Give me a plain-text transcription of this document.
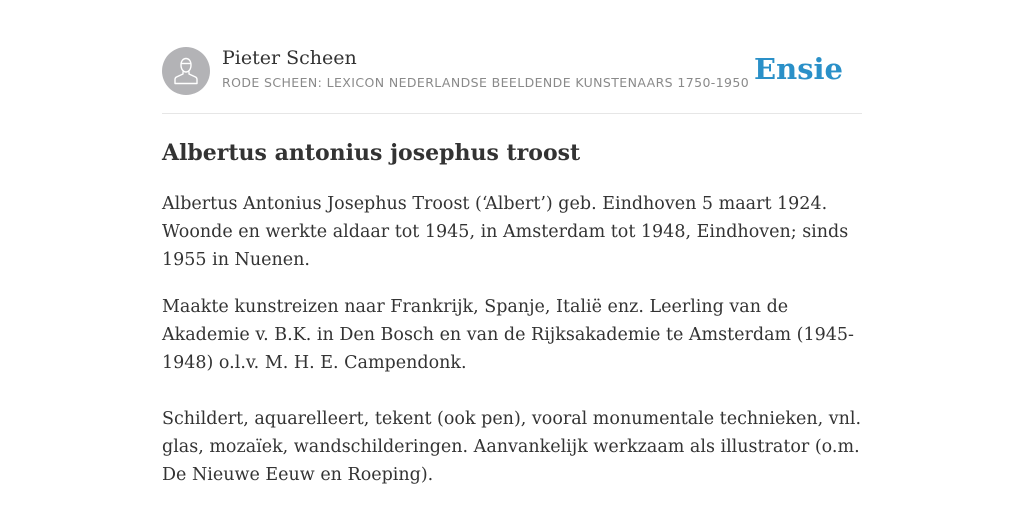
Pieter Scheen
RODE SCHEEN: LEXICON NEDERLANDSE BEELDENDE KUNSTENAARS 1750-1950 Ensie
Albertus antonius josephus troost

Albertus Antonius Josephus Troost (‘Albert’) geb. Eindhoven 5 maart 1924. Woonde en werkte aldaar tot 1945, in Amsterdam tot 1948, Eindhoven; sinds 1955 in Nuenen.

Maakte kunstreizen naar Frankrijk, Spanje, Italië enz. Leerling van de Akademie v. B.K. in Den Bosch en van de Rijksakademie te Amsterdam (1945-1948) o.l.v. M. H. E. Campendonk.

Schildert, aquarelleert, tekent (ook pen), vooral monumentale technieken, vnl. glas, mozaïek, wandschilderingen. Aanvankelijk werkzaam als illustrator (o.m. De Nieuwe Eeuw en Roeping).
